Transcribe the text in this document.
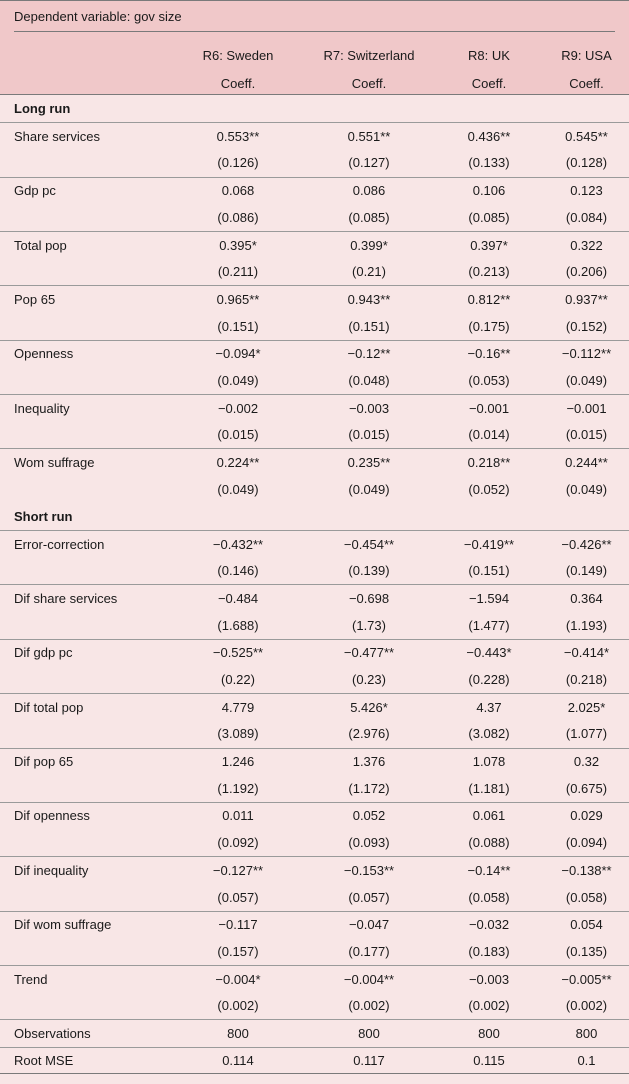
Dependent variable: gov size
R6: Sweden	R7: Switzerland	R8: UK	R9: USA
Coeff.	Coeff.	Coeff.	Coeff.
Long run
Share services	0.553**	0.551**	0.436**	0.545**
(0.126)	(0.127)	(0.133)	(0.128)
Gdp pc	0.068	0.086	0.106	0.123
(0.086)	(0.085)	(0.085)	(0.084)
Total pop	0.395*	0.399*	0.397*	0.322
(0.211)	(0.21)	(0.213)	(0.206)
Pop 65	0.965**	0.943**	0.812**	0.937**
(0.151)	(0.151)	(0.175)	(0.152)
Openness	−0.094*	−0.12**	−0.16**	−0.112**
(0.049)	(0.048)	(0.053)	(0.049)
Inequality	−0.002	−0.003	−0.001	−0.001
(0.015)	(0.015)	(0.014)	(0.015)
Wom suffrage	0.224**	0.235**	0.218**	0.244**
(0.049)	(0.049)	(0.052)	(0.049)
Short run
Error-correction	−0.432**	−0.454**	−0.419**	−0.426**
(0.146)	(0.139)	(0.151)	(0.149)
Dif share services	−0.484	−0.698	−1.594	0.364
(1.688)	(1.73)	(1.477)	(1.193)
Dif gdp pc	−0.525**	−0.477**	−0.443*	−0.414*
(0.22)	(0.23)	(0.228)	(0.218)
Dif total pop	4.779	5.426*	4.37	2.025*
(3.089)	(2.976)	(3.082)	(1.077)
Dif pop 65	1.246	1.376	1.078	0.32
(1.192)	(1.172)	(1.181)	(0.675)
Dif openness	0.011	0.052	0.061	0.029
(0.092)	(0.093)	(0.088)	(0.094)
Dif inequality	−0.127**	−0.153**	−0.14**	−0.138**
(0.057)	(0.057)	(0.058)	(0.058)
Dif wom suffrage	−0.117	−0.047	−0.032	0.054
(0.157)	(0.177)	(0.183)	(0.135)
Trend	−0.004*	−0.004**	−0.003	−0.005**
(0.002)	(0.002)	(0.002)	(0.002)
Observations	800	800	800	800
Root MSE	0.114	0.117	0.115	0.1
